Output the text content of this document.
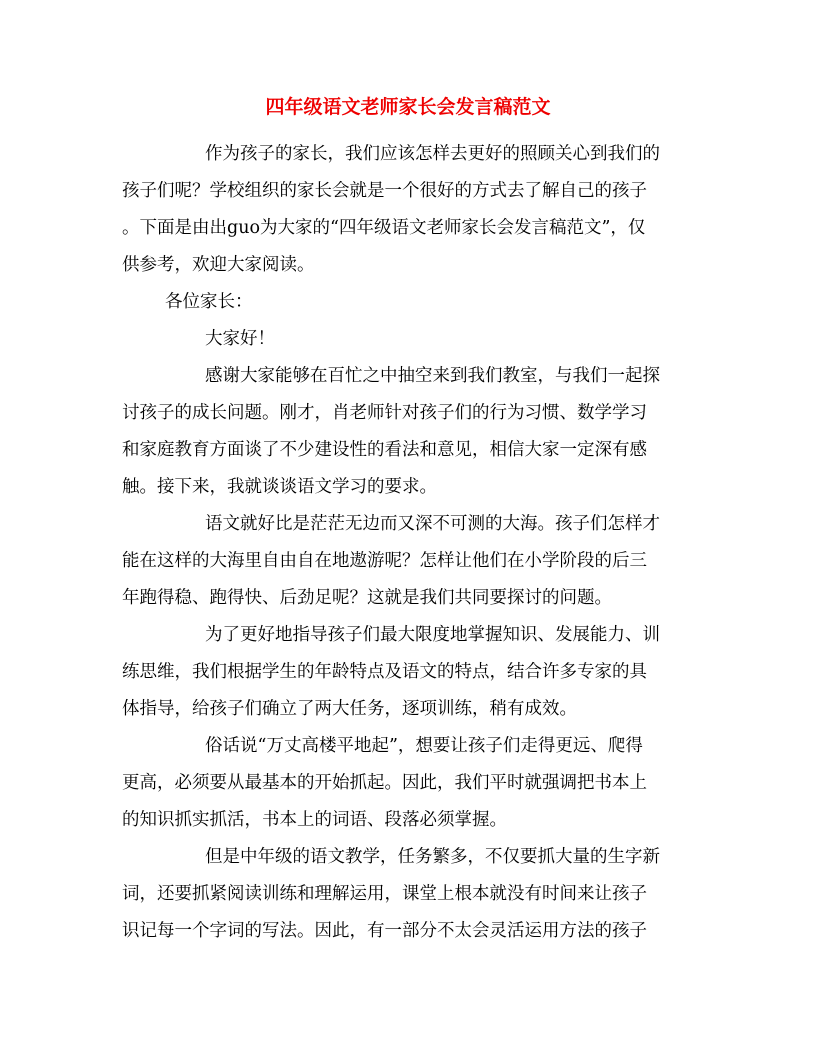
四年级语文老师家长会发言稿范文
作为孩子的家长，我们应该怎样去更好的照顾关心到我们的
孩子们呢？学校组织的家长会就是一个很好的方式去了解自己的孩子
。下面是由出guo为大家的“四年级语文老师家长会发言稿范文”，仅
供参考，欢迎大家阅读。
各位家长：
大家好！
感谢大家能够在百忙之中抽空来到我们教室，与我们一起探
讨孩子的成长问题。刚才，肖老师针对孩子们的行为习惯、数学学习
和家庭教育方面谈了不少建设性的看法和意见，相信大家一定深有感
触。接下来，我就谈谈语文学习的要求。
语文就好比是茫茫无边而又深不可测的大海。孩子们怎样才
能在这样的大海里自由自在地遨游呢？怎样让他们在小学阶段的后三
年跑得稳、跑得快、后劲足呢？这就是我们共同要探讨的问题。
为了更好地指导孩子们最大限度地掌握知识、发展能力、训
练思维，我们根据学生的年龄特点及语文的特点，结合许多专家的具
体指导，给孩子们确立了两大任务，逐项训练，稍有成效。
俗话说“万丈高楼平地起”，想要让孩子们走得更远、爬得
更高，必须要从最基本的开始抓起。因此，我们平时就强调把书本上
的知识抓实抓活，书本上的词语、段落必须掌握。
但是中年级的语文教学，任务繁多，不仅要抓大量的生字新
词，还要抓紧阅读训练和理解运用，课堂上根本就没有时间来让孩子
识记每一个字词的写法。因此，有一部分不太会灵活运用方法的孩子
